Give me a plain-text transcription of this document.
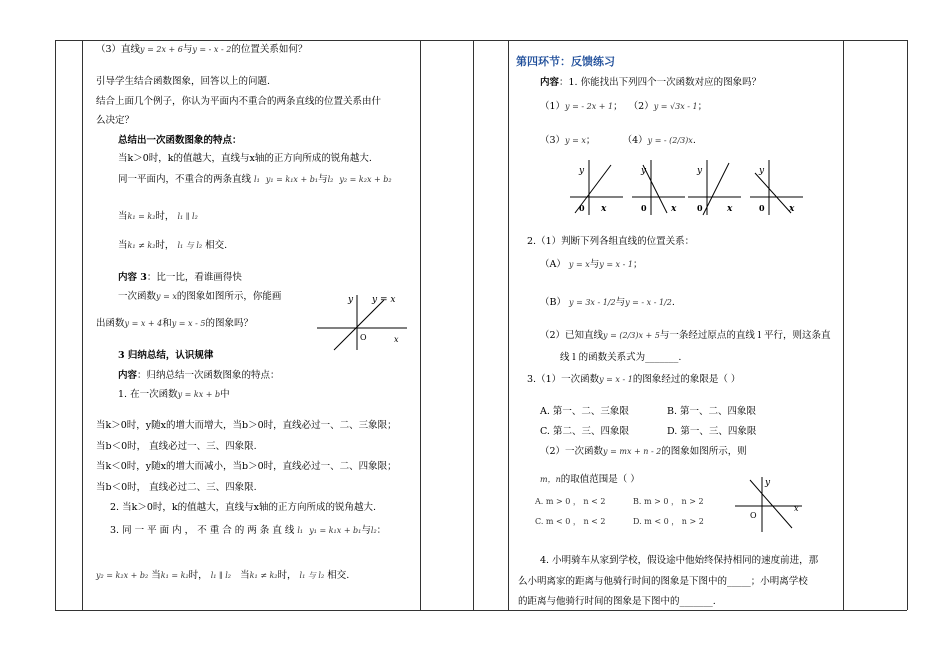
（3）直线y = 2x + 6与y = - x - 2的位置关系如何？
引导学生结合函数图象，回答以上的问题.
结合上面几个例子，你认为平面内不重合的两条直线的位置关系由什
么决定？
总结出一次函数图象的特点：
当k＞0时，k的值越大，直线与x轴的正方向所成的锐角越大.
同一平面内，不重合的两条直线 l₁ y₁ = k₁x + b₁与l₂ y₂ = k₂x + b₂
当k₁ = k₂时， l₁ ∥ l₂
当k₁ ≠ k₂时， l₁ 与 l₂ 相交.
内容 3：比一比，看谁画得快
一次函数y = x的图象如图所示，你能画
出函数y = x + 4和y = x - 5的图象吗？
y y = x
O	x
3 归纳总结，认识规律
内容：归纳总结一次函数图象的特点：
1. 在一次函数y = kx + b中
当k＞0时，y随x的增大而增大，当b＞0时，直线必过一、二、三象限；
当b＜0时， 直线必过一、三、四象限.
当k＜0时，y随x的增大而减小，当b＞0时，直线必过一、二、四象限；
当b＜0时， 直线必过二、三、四象限.
2. 当k＞0时，k的值越大，直线与x轴的正方向所成的锐角越大.
3. 同 一 平 面 内 ， 不 重 合 的 两 条 直 线 l₁ y₁ = k₁x + b₁与l₂：
y₂ = k₂x + b₂ 当k₁ = k₂时， l₁ ∥ l₂ 当k₁ ≠ k₂时， l₁ 与 l₂ 相交.
第四环节：反馈练习
内容：1. 你能找出下列四个一次函数对应的图象吗？
（1）y = - 2x + 1； （2）y = √3x - 1；
（3）y = x；	（4）y = - (2/3)x.
y
0 x
y
0	x
y
0	x
y
0	x
2.（1）判断下列各组直线的位置关系：
（A） y = x与y = x - 1；
（B） y = 3x - 1/2与y = - x - 1/2.
（2）已知直线y = (2/3)x + 5与一条经过原点的直线 l 平行，则这条直
线 l 的函数关系式为_______.
3.（1）一次函数y = x - 1的图象经过的象限是（ ）
A. 第一、二、三象限	B. 第一、二、四象限
C. 第二、三、四象限	D. 第一、三、四象限
（2）一次函数y = mx + n - 2的图象如图所示，则
m，n的取值范围是（ ）
A. m > 0 ， n < 2	B. m > 0 ， n > 2
C. m < 0 ， n < 2	D. m < 0 ， n > 2
y
O
x
4. 小明骑车从家到学校，假设途中他始终保持相同的速度前进，那
么小明离家的距离与他骑行时间的图象是下图中的_____；小明离学校
的距离与他骑行时间的图象是下图中的_______.
